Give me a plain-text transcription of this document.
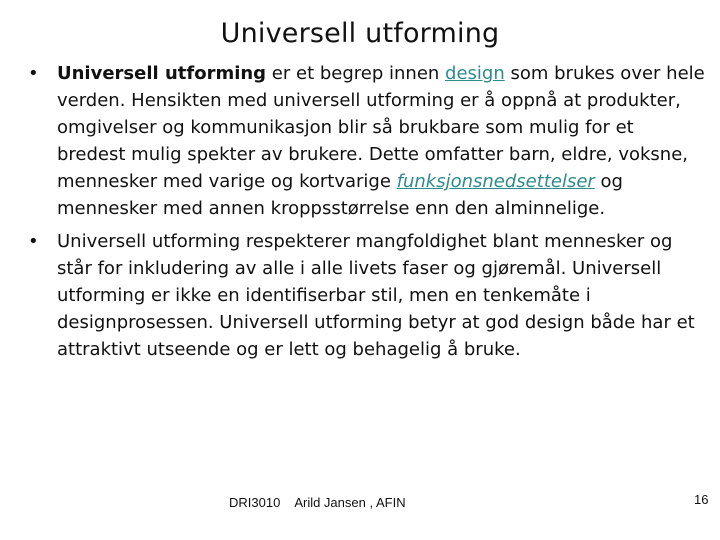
Universell utforming
• Universell utforming er et begrep innen design som brukes over hele verden. Hensikten med universell utforming er å oppnå at produkter, omgivelser og kommunikasjon blir så brukbare som mulig for et bredest mulig spekter av brukere. Dette omfatter barn, eldre, voksne, mennesker med varige og kortvarige funksjonsnedsettelser og mennesker med annen kroppsstørrelse enn den alminnelige.
• Universell utforming respekterer mangfoldighet blant mennesker og står for inkludering av alle i alle livets faser og gjøremål. Universell utforming er ikke en identifiserbar stil, men en tenkemåte i designprosessen. Universell utforming betyr at god design både har et attraktivt utseende og er lett og behagelig å bruke.
DRI3010 Arild Jansen , AFIN	16
